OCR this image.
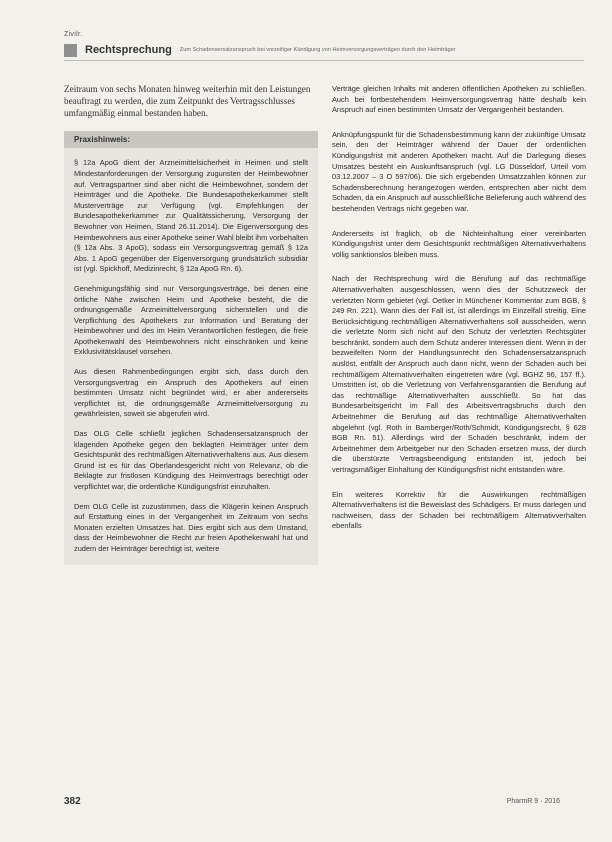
Zivilr.
Rechtsprechung Zum Schadensersatzanspruch bei vorzeitiger Kündigung von Heimversorgungsverträgen durch den Heimträger

Zeitraum von sechs Monaten hinweg weiterhin mit den Leistungen beauftragt zu werden, die zum Zeitpunkt des Vertragsschlusses umfangmäßig einmal bestanden haben.

Praxishinweis:

§ 12a ApoG dient der Arzneimittelsicherheit in Heimen und stellt Mindestanforderungen der Versorgung zugunsten der Heimbewohner auf. Vertragspartner sind aber nicht die Heimbewohner, sondern der Heimträger und die Apotheke. Die Bundesapothekerkammer stellt Musterverträge zur Verfügung (vgl. Empfehlungen der Bundesapothekerkammer zur Qualitätssicherung, Versorgung der Bewohner von Heimen, Stand 26.11.2014). Die Eigenversorgung des Heimbewohners aus einer Apotheke seiner Wahl bleibt ihm vorbehalten (§ 12a Abs. 3 ApoG), sodass ein Versorgungsvertrag gemäß § 12a Abs. 1 ApoG gegenüber der Eigenversorgung grundsätzlich subsidiär ist (vgl. Spickhoff, Medizinrecht, § 12a ApoG Rn. 6).

Genehmigungsfähig sind nur Versorgungsverträge, bei denen eine örtliche Nähe zwischen Heim und Apotheke besteht, die die ordnungsgemäße Arzneimittelversorgung sicherstellen und die Verpflichtung des Apothekers zur Information und Beratung der Heimbewohner und des im Heim Verantwortlichen festlegen, die freie Apothekenwahl des Heimbewohners nicht einschränken und keine Exklusivitätsklausel vorsehen.

Aus diesen Rahmenbedingungen ergibt sich, dass durch den Versorgungsvertrag ein Anspruch des Apothekers auf einen bestimmten Umsatz nicht begründet wird, er aber andererseits verpflichtet ist, die ordnungsgemäße Arzneimittelversorgung zu gewährleisten, soweit sie abgerufen wird.

Das OLG Celle schließt jeglichen Schadensersatzanspruch der klagenden Apotheke gegen den beklagten Heimträger unter dem Gesichtspunkt des rechtmäßigen Alternativverhaltens aus. Aus diesem Grund ist es für das Oberlandesgericht nicht von Relevanz, ob die Beklagte zur fristlosen Kündigung des Heimvertrags berechtigt oder verpflichtet war, die ordentliche Kündigungsfrist einzuhalten.

Dem OLG Celle ist zuzustimmen, dass die Klägerin keinen Anspruch auf Erstattung eines in der Vergangenheit im Zeitraum von sechs Monaten erzielten Umsatzes hat. Dies ergibt sich aus dem Umstand, dass der Heimbewohner die Recht zur freien Apothekenwahl hat und zudem der Heimträger berechtigt ist, weitere

Verträge gleichen Inhalts mit anderen öffentlichen Apotheken zu schließen. Auch bei fortbestehendem Heimversorgungsvertrag hätte deshalb kein Anspruch auf einen bestimmten Umsatz der Vergangenheit bestanden.

Anknüpfungspunkt für die Schadensbestimmung kann der zukünftige Umsatz sein, den der Heimträger während der Dauer der ordentlichen Kündigungsfrist mit anderen Apotheken macht. Auf die Darlegung dieses Umsatzes besteht ein Auskunftsanspruch (vgl. LG Düsseldorf, Urteil vom 03.12.2007 – 3 O 597/06). Die sich ergebenden Umsatzzahlen können zur Schadensberechnung herangezogen werden, entsprechen aber nicht dem Schaden, da ein Anspruch auf ausschließliche Belieferung auch während des bestehenden Vertrags nicht gegeben war.

Andererseits ist fraglich, ob die Nichteinhaltung einer vereinbarten Kündigungsfrist unter dem Gesichtspunkt rechtmäßigen Alternativverhaltens völlig sanktionslos bleiben muss.

Nach der Rechtsprechung wird die Berufung auf das rechtmäßige Alternativverhalten ausgeschlossen, wenn dies der Schutzzweck der verletzten Norm gebietet (vgl. Oetker in Münchener Kommentar zum BGB, § 249 Rn. 221). Wann dies der Fall ist, ist allerdings im Einzelfall streitig. Eine Berücksichtigung rechtmäßigen Alternativverhaltens soll ausscheiden, wenn die verletzte Norm sich nicht auf den Schutz der verletzten Rechtsgüter beschränkt, sondern auch dem Schutz anderer Interessen dient. Wenn in der bezweifelten Norm der Handlungsunrecht den Schadensersatzanspruch auslöst, entfällt der Anspruch auch dann nicht, wenn der Schaden auch bei rechtmäßigem Alternativverhalten eingetreten wäre (vgl. BGHZ 96, 157 ff.). Umstritten ist, ob die Verletzung von Verfahrensgarantien die Berufung auf das rechtmäßige Alternativverhalten ausschließt. So hat das Bundesarbeitsgericht im Fall des Arbeitsvertragsbruchs durch den Arbeitnehmer die Berufung auf das rechtmäßige Alternativverhalten abgelehnt (vgl. Roth in Bamberger/Roth/Schmidt, Kündigungsrecht, § 628 BGB Rn. 51). Allerdings wird der Schaden beschränkt, indem der Arbeitnehmer dem Arbeitgeber nur den Schaden ersetzen muss, der durch die überstürzte Vertragsbeendigung entstanden ist, jedoch bei vertragsmäßiger Einhaltung der Kündigungsfrist nicht entstanden wäre.

Ein weiteres Korrektiv für die Auswirkungen rechtmäßigen Alternativverhaltens ist die Beweislast des Schädigers. Er muss darlegen und nachweisen, dass der Schaden bei rechtmäßigem Alternativverhalten ebenfalls

382	PharmR 9 · 2016
